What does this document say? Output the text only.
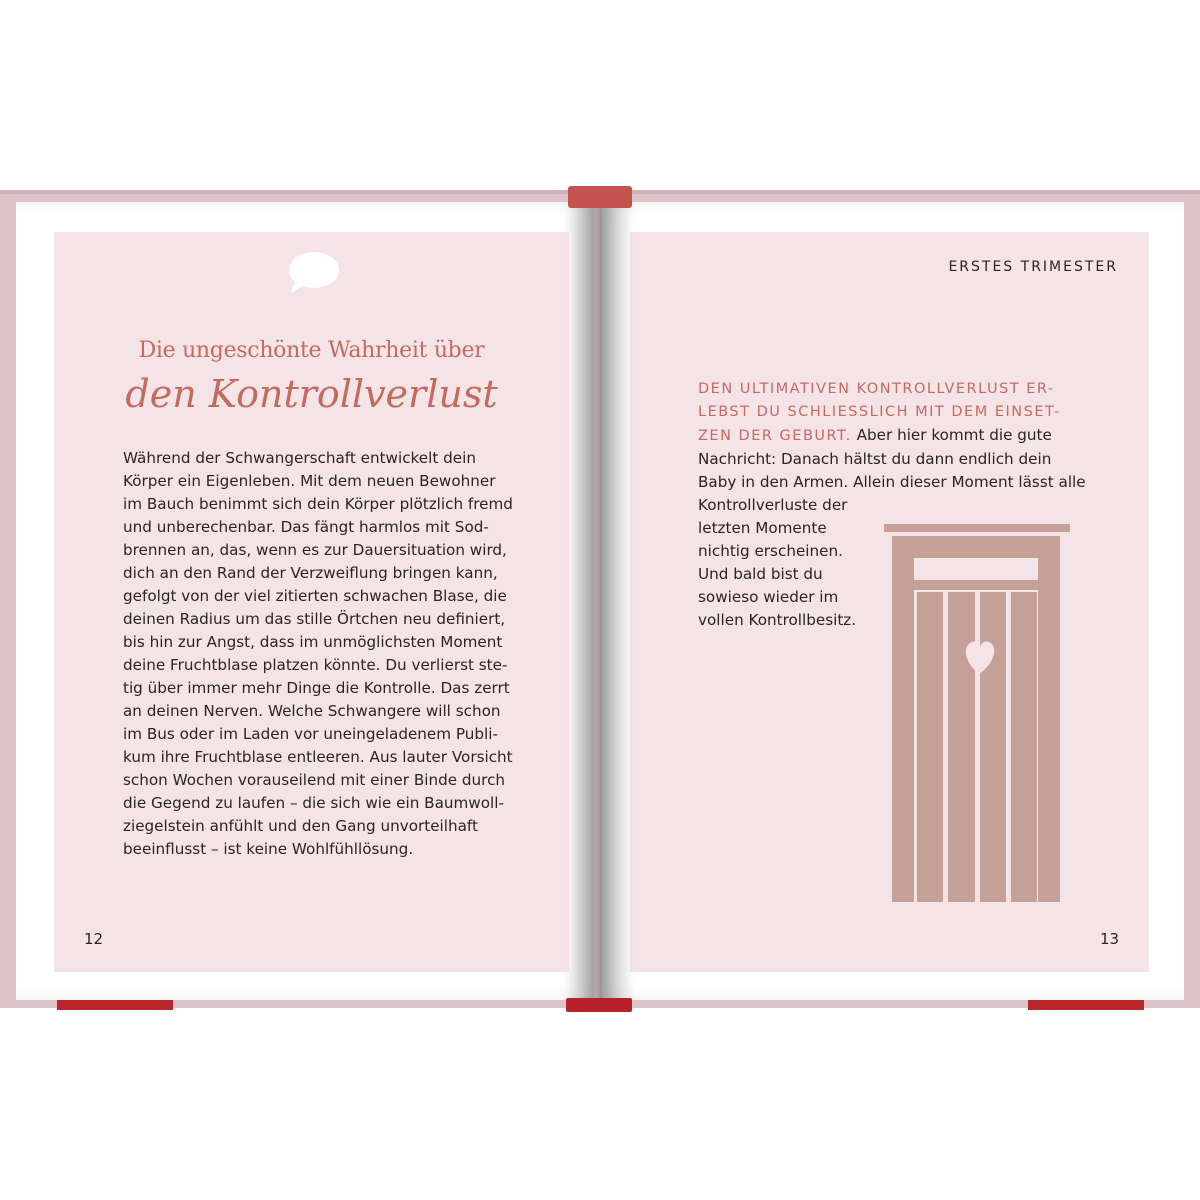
Die ungeschönte Wahrheit über
den Kontrollverlust

Während der Schwangerschaft entwickelt dein
Körper ein Eigenleben. Mit dem neuen Bewohner
im Bauch benimmt sich dein Körper plötzlich fremd
und unberechenbar. Das fängt harmlos mit Sod-
brennen an, das, wenn es zur Dauersituation wird,
dich an den Rand der Verzweiflung bringen kann,
gefolgt von der viel zitierten schwachen Blase, die
deinen Radius um das stille Örtchen neu definiert,
bis hin zur Angst, dass im unmöglichsten Moment
deine Fruchtblase platzen könnte. Du verlierst ste-
tig über immer mehr Dinge die Kontrolle. Das zerrt
an deinen Nerven. Welche Schwangere will schon
im Bus oder im Laden vor uneingeladenem Publi-
kum ihre Fruchtblase entleeren. Aus lauter Vorsicht
schon Wochen vorauseilend mit einer Binde durch
die Gegend zu laufen – die sich wie ein Baumwoll-
ziegelstein anfühlt und den Gang unvorteilhaft
beeinflusst – ist keine Wohlfühllösung.

12
ERSTES TRIMESTER

DEN ULTIMATIVEN KONTROLLVERLUST ER-
LEBST DU SCHLIESSLICH MIT DEM EINSET-
ZEN DER GEBURT. Aber hier kommt die gute
Nachricht: Danach hältst du dann endlich dein
Baby in den Armen. Allein dieser Moment lässt alle
Kontrollverluste der
letzten Momente
nichtig erscheinen.
Und bald bist du
sowieso wieder im
vollen Kontrollbesitz.

13
